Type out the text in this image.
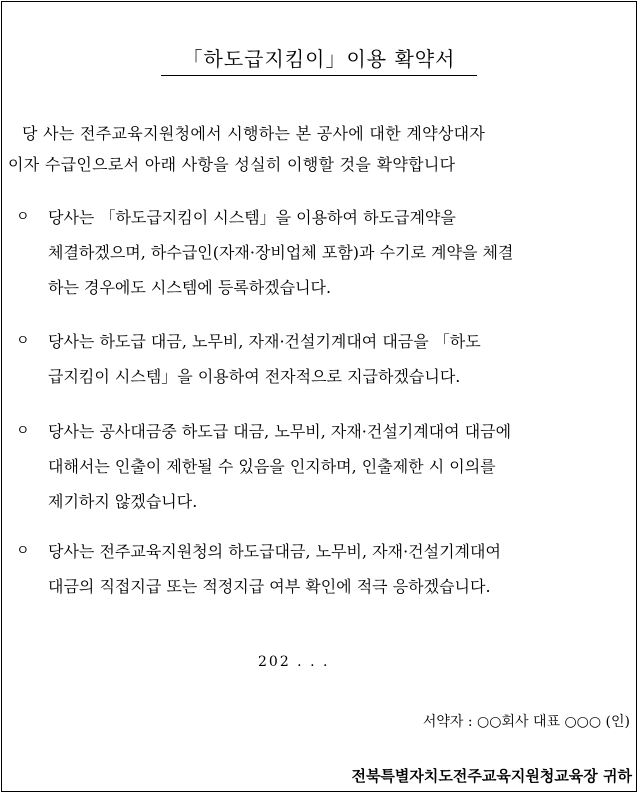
「하도급지킴이」이용 확약서
당 사는 전주교육지원청에서 시행하는 본 공사에 대한 계약상대자
이자 수급인으로서 아래 사항을 성실히 이행할 것을 확약합니다
ㅇ	당사는 「하도급지킴이 시스템」을 이용하여 하도급계약을
체결하겠으며, 하수급인(자재·장비업체 포함)과 수기로 계약을 체결
하는 경우에도 시스템에 등록하겠습니다.
ㅇ	당사는 하도급 대금, 노무비, 자재·건설기계대여 대금을 「하도
급지킴이 시스템」을 이용하여 전자적으로 지급하겠습니다.
ㅇ	당사는 공사대금중 하도급 대금, 노무비, 자재·건설기계대여 대금에
대해서는 인출이 제한될 수 있음을 인지하며, 인출제한 시 이의를
제기하지 않겠습니다.
ㅇ	당사는 전주교육지원청의 하도급대금, 노무비, 자재·건설기계대여
대금의 직접지급 또는 적정지급 여부 확인에 적극 응하겠습니다.
202 . . .
서약자 : ○○회사 대표 ○○○ (인)
전북특별자치도전주교육지원청교육장 귀하
